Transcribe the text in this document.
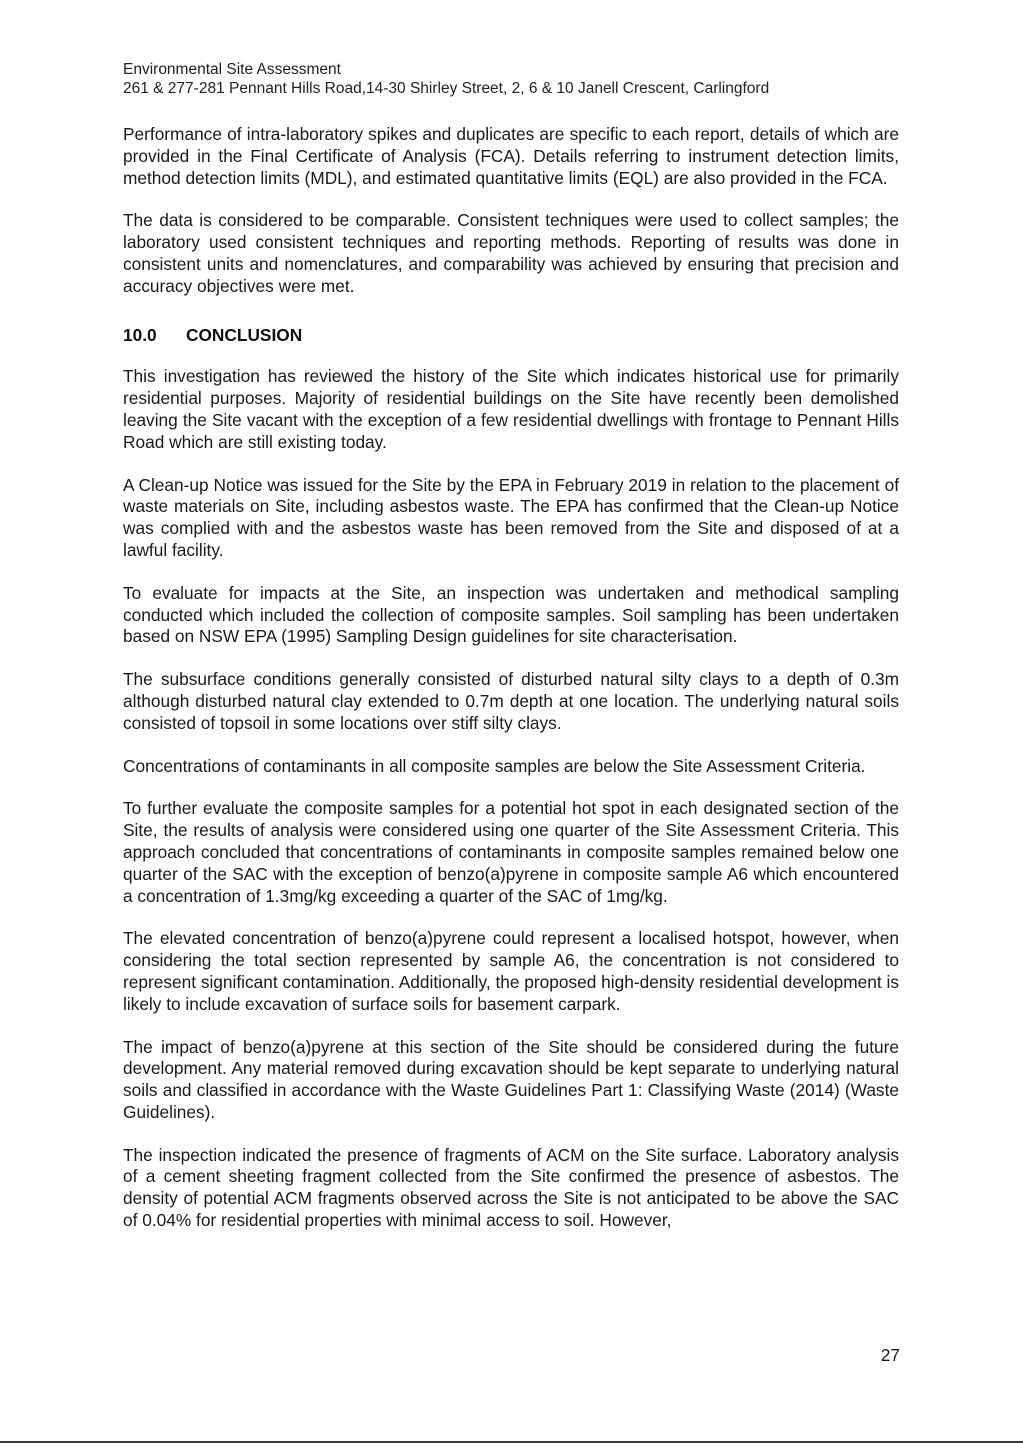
Environmental Site Assessment
261 & 277-281 Pennant Hills Road,14-30 Shirley Street, 2, 6 & 10 Janell Crescent, Carlingford

Performance of intra-laboratory spikes and duplicates are specific to each report, details of which are provided in the Final Certificate of Analysis (FCA). Details referring to instrument detection limits, method detection limits (MDL), and estimated quantitative limits (EQL) are also provided in the FCA.

The data is considered to be comparable. Consistent techniques were used to collect samples; the laboratory used consistent techniques and reporting methods. Reporting of results was done in consistent units and nomenclatures, and comparability was achieved by ensuring that precision and accuracy objectives were met.

10.0 CONCLUSION

This investigation has reviewed the history of the Site which indicates historical use for primarily residential purposes. Majority of residential buildings on the Site have recently been demolished leaving the Site vacant with the exception of a few residential dwellings with frontage to Pennant Hills Road which are still existing today.

A Clean-up Notice was issued for the Site by the EPA in February 2019 in relation to the placement of waste materials on Site, including asbestos waste. The EPA has confirmed that the Clean-up Notice was complied with and the asbestos waste has been removed from the Site and disposed of at a lawful facility.

To evaluate for impacts at the Site, an inspection was undertaken and methodical sampling conducted which included the collection of composite samples. Soil sampling has been undertaken based on NSW EPA (1995) Sampling Design guidelines for site characterisation.

The subsurface conditions generally consisted of disturbed natural silty clays to a depth of 0.3m although disturbed natural clay extended to 0.7m depth at one location. The underlying natural soils consisted of topsoil in some locations over stiff silty clays.

Concentrations of contaminants in all composite samples are below the Site Assessment Criteria.

To further evaluate the composite samples for a potential hot spot in each designated section of the Site, the results of analysis were considered using one quarter of the Site Assessment Criteria. This approach concluded that concentrations of contaminants in composite samples remained below one quarter of the SAC with the exception of benzo(a)pyrene in composite sample A6 which encountered a concentration of 1.3mg/kg exceeding a quarter of the SAC of 1mg/kg.

The elevated concentration of benzo(a)pyrene could represent a localised hotspot, however, when considering the total section represented by sample A6, the concentration is not considered to represent significant contamination. Additionally, the proposed high-density residential development is likely to include excavation of surface soils for basement carpark.

The impact of benzo(a)pyrene at this section of the Site should be considered during the future development. Any material removed during excavation should be kept separate to underlying natural soils and classified in accordance with the Waste Guidelines Part 1: Classifying Waste (2014) (Waste Guidelines).

The inspection indicated the presence of fragments of ACM on the Site surface. Laboratory analysis of a cement sheeting fragment collected from the Site confirmed the presence of asbestos. The density of potential ACM fragments observed across the Site is not anticipated to be above the SAC of 0.04% for residential properties with minimal access to soil. However,

27
